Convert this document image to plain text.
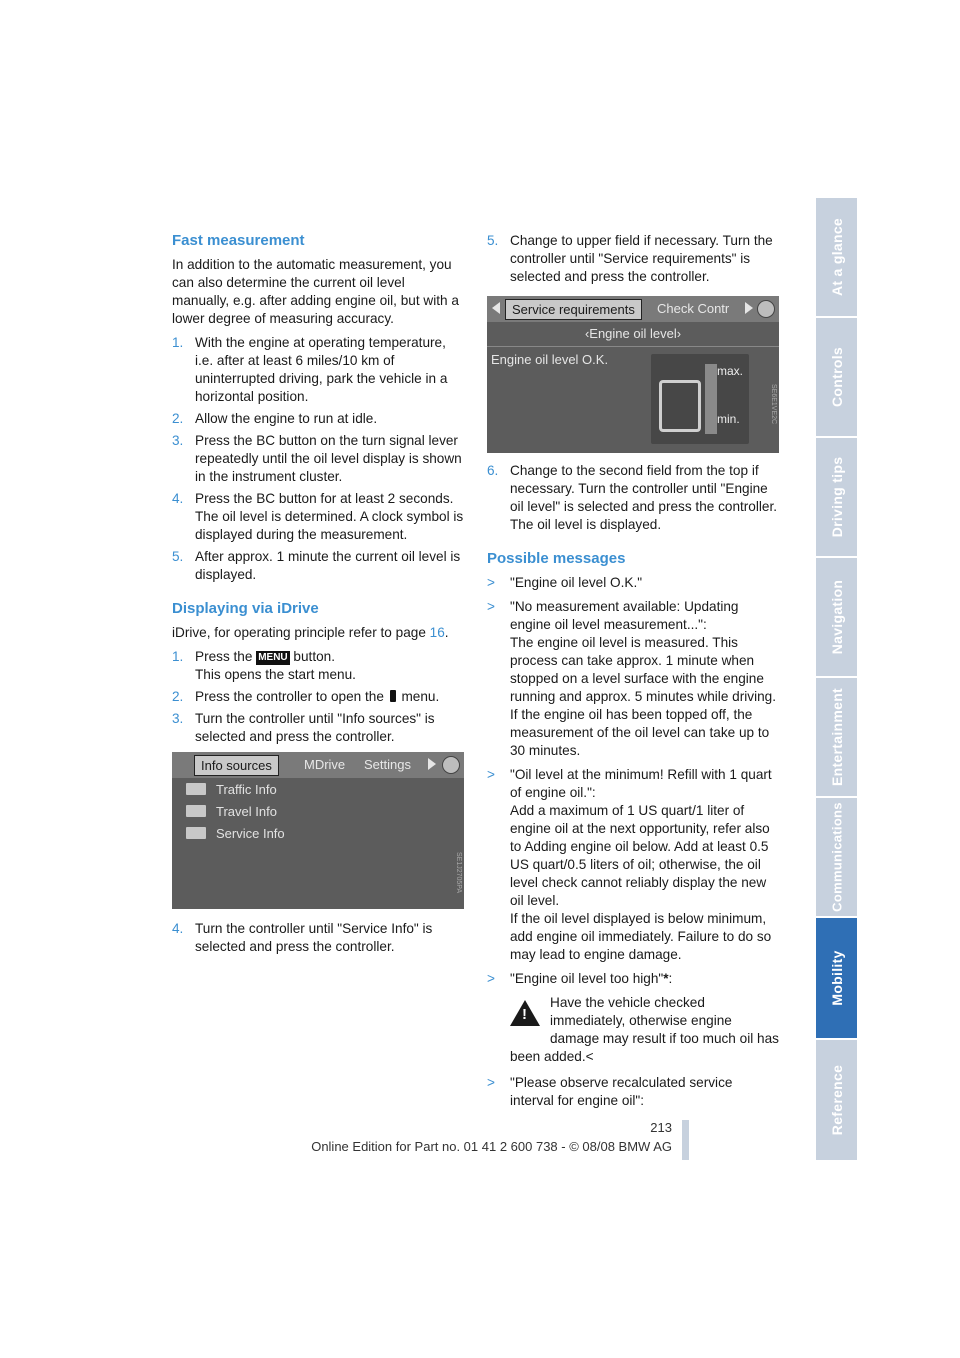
Fast measurement
In addition to the automatic measurement, you can also determine the current oil level manually, e.g. after adding engine oil, but with a lower degree of measuring accuracy.
1. With the engine at operating temperature, i.e. after at least 6 miles/10 km of uninterrupted driving, park the vehicle in a horizontal position.
2. Allow the engine to run at idle.
3. Press the BC button on the turn signal lever repeatedly until the oil level display is shown in the instrument cluster.
4. Press the BC button for at least 2 seconds. The oil level is determined. A clock symbol is displayed during the measurement.
5. After approx. 1 minute the current oil level is displayed.
Displaying via iDrive
iDrive, for operating principle refer to page 16.
1. Press the MENU button.
This opens the start menu.
2. Press the controller to open the  menu.
3. Turn the controller until "Info sources" is selected and press the controller.
Info sources	MDrive Settings
Traffic Info
Travel Info
Service Info
SE1J2705PA
4. Turn the controller until "Service Info" is selected and press the controller.
5. Change to upper field if necessary. Turn the controller until "Service requirements" is selected and press the controller.
Service requirements	Check Contr
‹Engine oil level›
Engine oil level O.K.
max.
min.	SE6E1VE2C
6. Change to the second field from the top if necessary. Turn the controller until "Engine oil level" is selected and press the controller. The oil level is displayed.
Possible messages
> "Engine oil level O.K."
> "No measurement available: Updating engine oil level measurement...":
The engine oil level is measured. This process can take approx. 1 minute when stopped on a level surface with the engine running and approx. 5 minutes while driving.
If the engine oil has been topped off, the measurement of the oil level can take up to 30 minutes.
> "Oil level at the minimum! Refill with 1 quart of engine oil.":
Add a maximum of 1 US quart/1 liter of engine oil at the next opportunity, refer also to Adding engine oil below. Add at least 0.5 US quart/0.5 liters of oil; otherwise, the oil level check cannot reliably display the new oil level.
If the oil level displayed is below minimum, add engine oil immediately. Failure to do so may lead to engine damage.
> "Engine oil level too high"*:
!
Have the vehicle checked immediately, otherwise engine damage may result if too much oil has been added.<
> "Please observe recalculated service interval for engine oil":
At a glance
Controls
Driving tips
Navigation
Entertainment
Communications
Mobility
Reference
213
Online Edition for Part no. 01 41 2 600 738 - © 08/08 BMW AG
